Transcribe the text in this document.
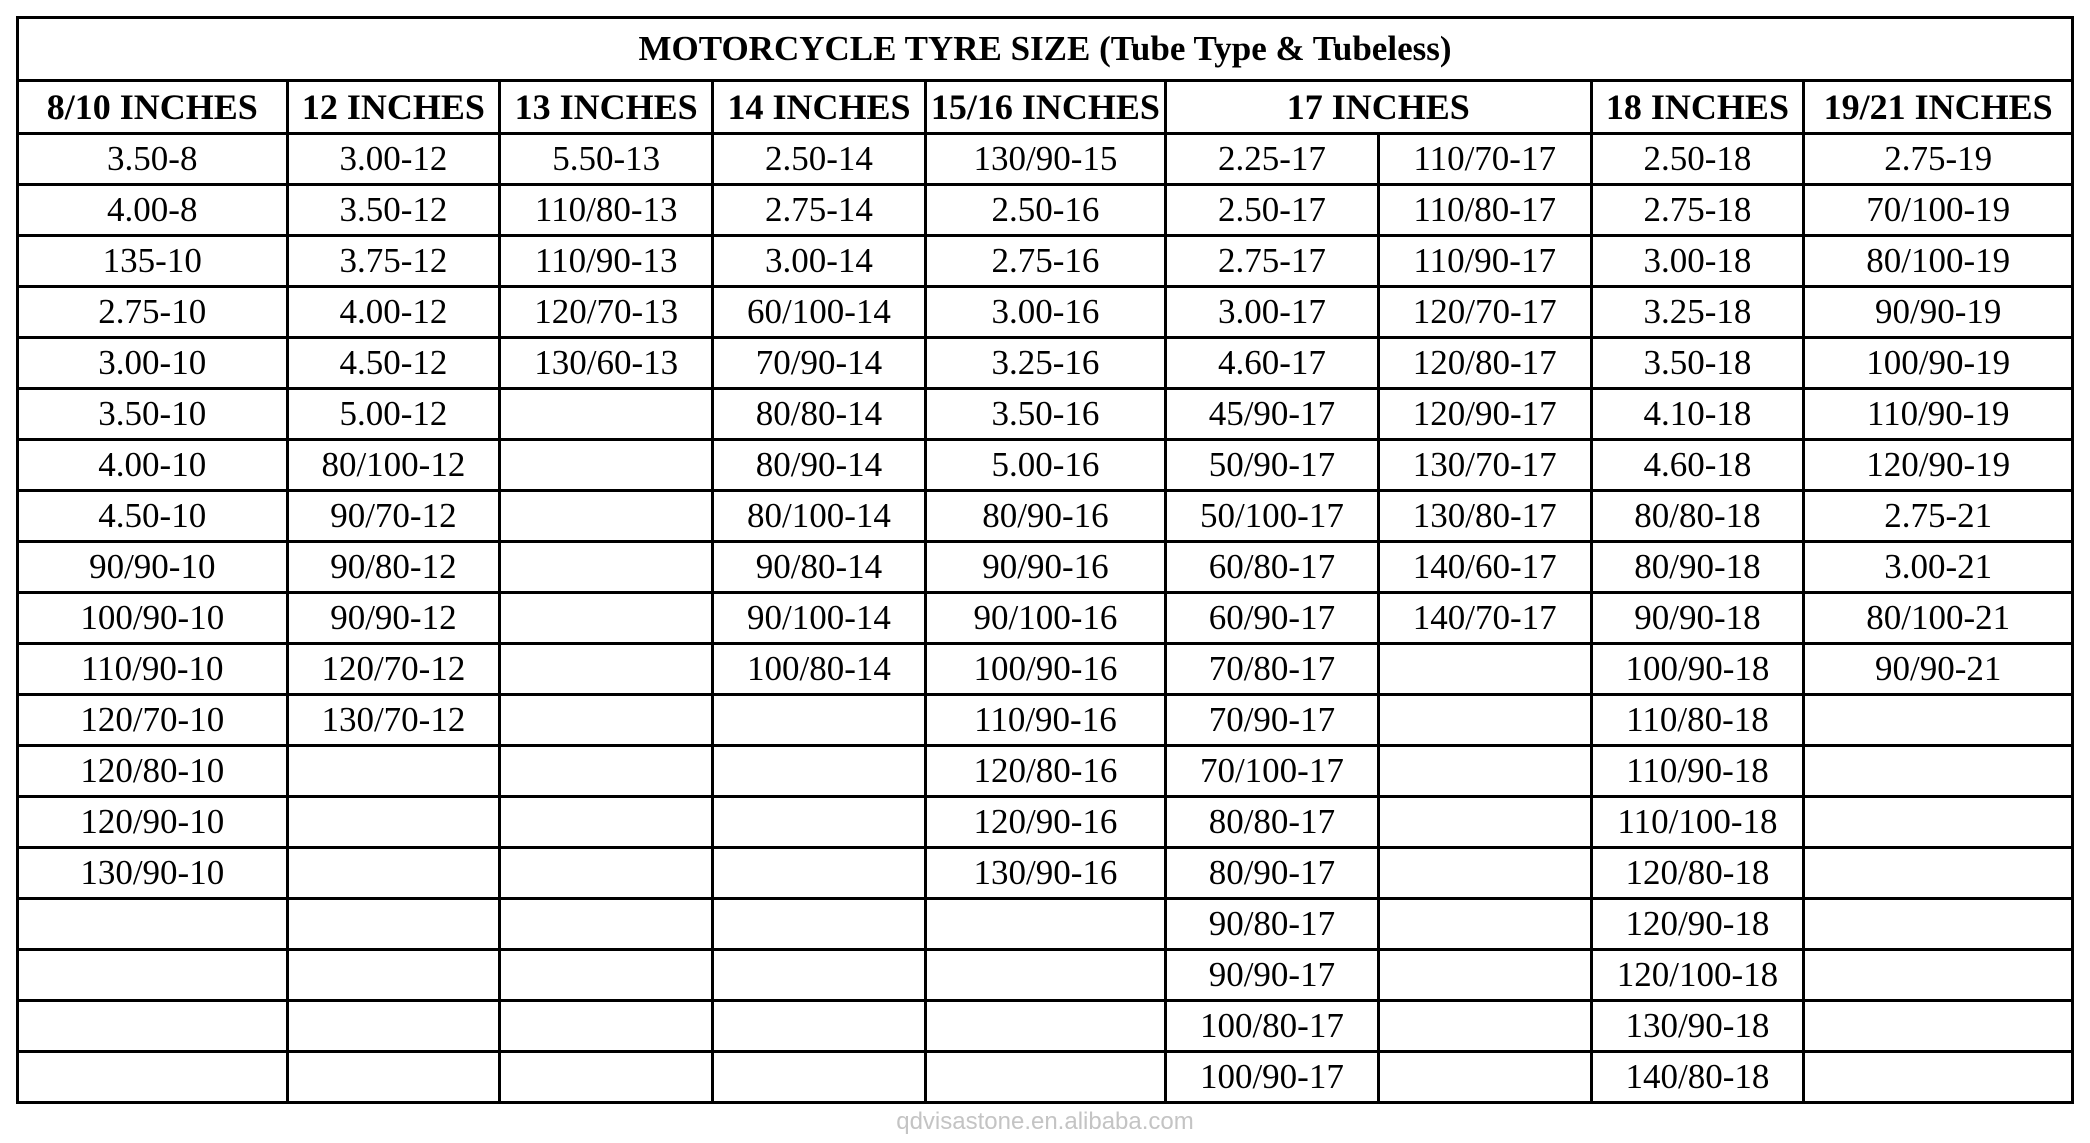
MOTORCYCLE TYRE SIZE (Tube Type & Tubeless)								
8/10 INCHES	12 INCHES	13 INCHES	14 INCHES	15/16 INCHES	17 INCHES		18 INCHES	19/21 INCHES
3.50-8	3.00-12	5.50-13	2.50-14	130/90-15	2.25-17	110/70-17	2.50-18	2.75-19
4.00-8	3.50-12	110/80-13	2.75-14	2.50-16	2.50-17	110/80-17	2.75-18	70/100-19
135-10	3.75-12	110/90-13	3.00-14	2.75-16	2.75-17	110/90-17	3.00-18	80/100-19
2.75-10	4.00-12	120/70-13	60/100-14	3.00-16	3.00-17	120/70-17	3.25-18	90/90-19
3.00-10	4.50-12	130/60-13	70/90-14	3.25-16	4.60-17	120/80-17	3.50-18	100/90-19
3.50-10	5.00-12		80/80-14	3.50-16	45/90-17	120/90-17	4.10-18	110/90-19
4.00-10	80/100-12		80/90-14	5.00-16	50/90-17	130/70-17	4.60-18	120/90-19
4.50-10	90/70-12		80/100-14	80/90-16	50/100-17	130/80-17	80/80-18	2.75-21
90/90-10	90/80-12		90/80-14	90/90-16	60/80-17	140/60-17	80/90-18	3.00-21
100/90-10	90/90-12		90/100-14	90/100-16	60/90-17	140/70-17	90/90-18	80/100-21
110/90-10	120/70-12		100/80-14	100/90-16	70/80-17		100/90-18	90/90-21
120/70-10	130/70-12			110/90-16	70/90-17		110/80-18	
120/80-10				120/80-16	70/100-17		110/90-18	
120/90-10				120/90-16	80/80-17		110/100-18	
130/90-10				130/90-16	80/90-17		120/80-18	
					90/80-17		120/90-18	
					90/90-17		120/100-18	
					100/80-17		130/90-18	
					100/90-17		140/80-18	
qdvisastone.en.alibaba.com
